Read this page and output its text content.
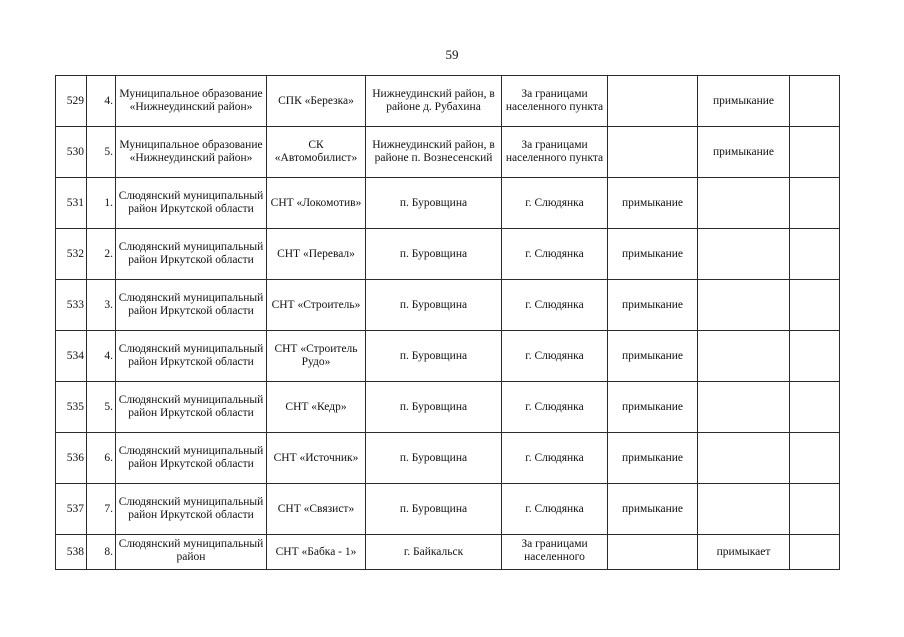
59
529	4.	Муниципальное образование «Нижнеудинский район»	СПК «Березка»	Нижнеудинский район, в районе д. Рубахина	За границами населенного пункта		примыкание	
530	5.	Муниципальное образование «Нижнеудинский район»	СК «Автомобилист»	Нижнеудинский район, в районе п. Вознесенский	За границами населенного пункта		примыкание	
531	1.	Слюдянский муниципальный район Иркутской области	СНТ «Локомотив»	п. Буровщина	г. Слюдянка	примыкание		
532	2.	Слюдянский муниципальный район Иркутской области	СНТ «Перевал»	п. Буровщина	г. Слюдянка	примыкание		
533	3.	Слюдянский муниципальный район Иркутской области	СНТ «Строитель»	п. Буровщина	г. Слюдянка	примыкание		
534	4.	Слюдянский муниципальный район Иркутской области	СНТ «Строитель Рудо»	п. Буровщина	г. Слюдянка	примыкание		
535	5.	Слюдянский муниципальный район Иркутской области	СНТ «Кедр»	п. Буровщина	г. Слюдянка	примыкание		
536	6.	Слюдянский муниципальный район Иркутской области	СНТ «Источник»	п. Буровщина	г. Слюдянка	примыкание		
537	7.	Слюдянский муниципальный район Иркутской области	СНТ «Связист»	п. Буровщина	г. Слюдянка	примыкание		
538	8.	Слюдянский муниципальный район	СНТ «Бабка - 1»	г. Байкальск	За границами населенного		примыкает	
